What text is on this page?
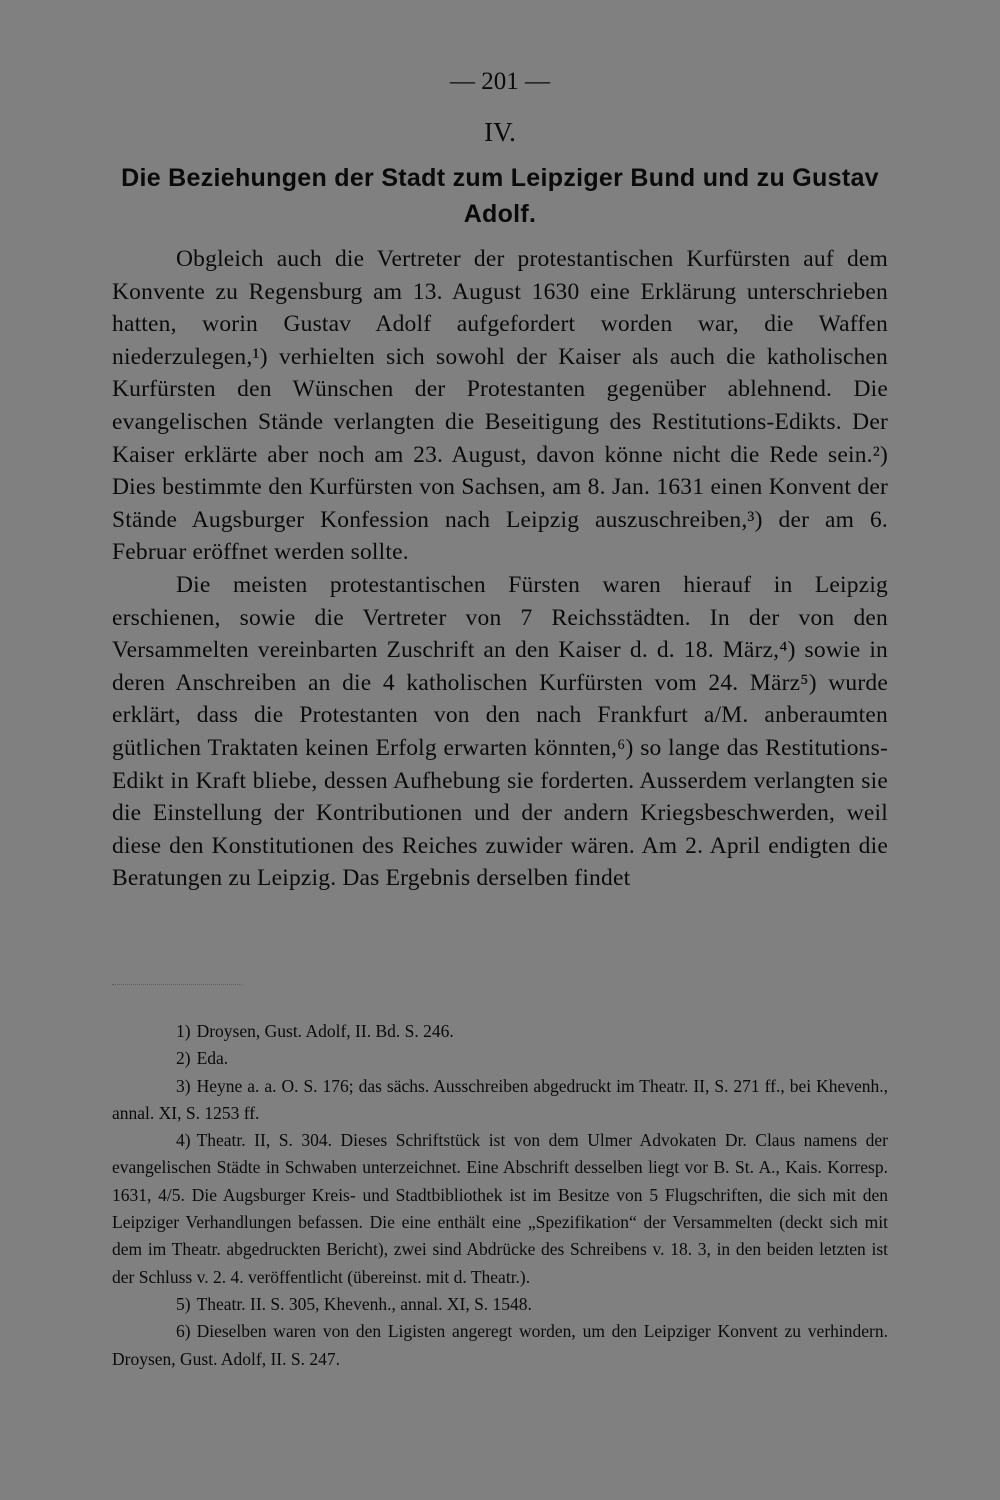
— 201 —
IV.
Die Beziehungen der Stadt zum Leipziger Bund und zu Gustav Adolf.

Obgleich auch die Vertreter der protestantischen Kurfürsten auf dem Konvente zu Regensburg am 13. August 1630 eine Erklärung unterschrieben hatten, worin Gustav Adolf aufgefordert worden war, die Waffen niederzulegen,¹) verhielten sich sowohl der Kaiser als auch die katholischen Kurfürsten den Wünschen der Protestanten gegenüber ablehnend. Die evangelischen Stände verlangten die Beseitigung des Restitutions-Edikts. Der Kaiser erklärte aber noch am 23. August, davon könne nicht die Rede sein.²) Dies bestimmte den Kurfürsten von Sachsen, am 8. Jan. 1631 einen Konvent der Stände Augsburger Konfession nach Leipzig auszuschreiben,³) der am 6. Februar eröffnet werden sollte.

Die meisten protestantischen Fürsten waren hierauf in Leipzig erschienen, sowie die Vertreter von 7 Reichsstädten. In der von den Versammelten vereinbarten Zuschrift an den Kaiser d. d. 18. März,⁴) sowie in deren Anschreiben an die 4 katholischen Kurfürsten vom 24. März⁵) wurde erklärt, dass die Protestanten von den nach Frankfurt a/M. anberaumten gütlichen Traktaten keinen Erfolg erwarten könnten,⁶) so lange das Restitutions-Edikt in Kraft bliebe, dessen Aufhebung sie forderten. Ausserdem verlangten sie die Einstellung der Kontributionen und der andern Kriegsbeschwerden, weil diese den Konstitutionen des Reiches zuwider wären. Am 2. April endigten die Beratungen zu Leipzig. Das Ergebnis derselben findet

1) Droysen, Gust. Adolf, II. Bd. S. 246.

2) Eda.

3) Heyne a. a. O. S. 176; das sächs. Ausschreiben abgedruckt im Theatr. II, S. 271 ff., bei Khevenh., annal. XI, S. 1253 ff.

4) Theatr. II, S. 304. Dieses Schriftstück ist von dem Ulmer Advokaten Dr. Claus namens der evangelischen Städte in Schwaben unterzeichnet. Eine Abschrift desselben liegt vor B. St. A., Kais. Korresp. 1631, 4/5. Die Augsburger Kreis- und Stadtbibliothek ist im Besitze von 5 Flugschriften, die sich mit den Leipziger Verhandlungen befassen. Die eine enthält eine „Spezifikation“ der Versammelten (deckt sich mit dem im Theatr. abgedruckten Bericht), zwei sind Abdrücke des Schreibens v. 18. 3, in den beiden letzten ist der Schluss v. 2. 4. veröffentlicht (übereinst. mit d. Theatr.).

5) Theatr. II. S. 305, Khevenh., annal. XI, S. 1548.

6) Dieselben waren von den Ligisten angeregt worden, um den Leipziger Konvent zu verhindern. Droysen, Gust. Adolf, II. S. 247.
